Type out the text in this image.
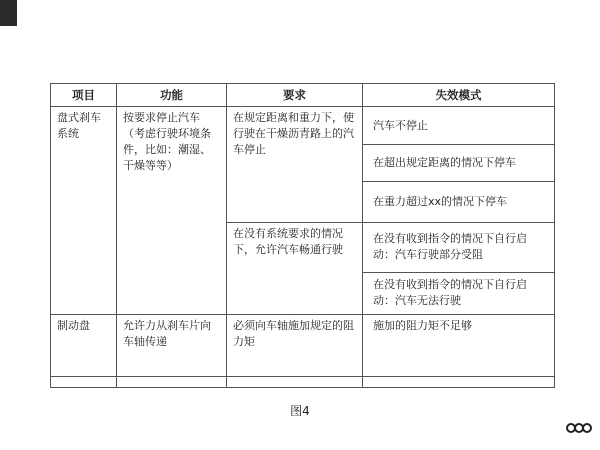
项目	功能	要求	失效模式
盘式刹车系统	按要求停止汽车（考虑行驶环境条件，比如：潮湿、干燥等等）	在规定距离和重力下，使行驶在干燥沥青路上的汽车停止	汽车不停止
			在超出规定距离的情况下停车
			在重力超过xx的情况下停车
		在没有系统要求的情况下，允许汽车畅通行驶	在没有收到指令的情况下自行启动：汽车行驶部分受阻
			在没有收到指令的情况下自行启动：汽车无法行驶
制动盘	允许力从刹车片向车轴传递	必须向车轴施加规定的阻力矩	施加的阻力矩不足够

图4
